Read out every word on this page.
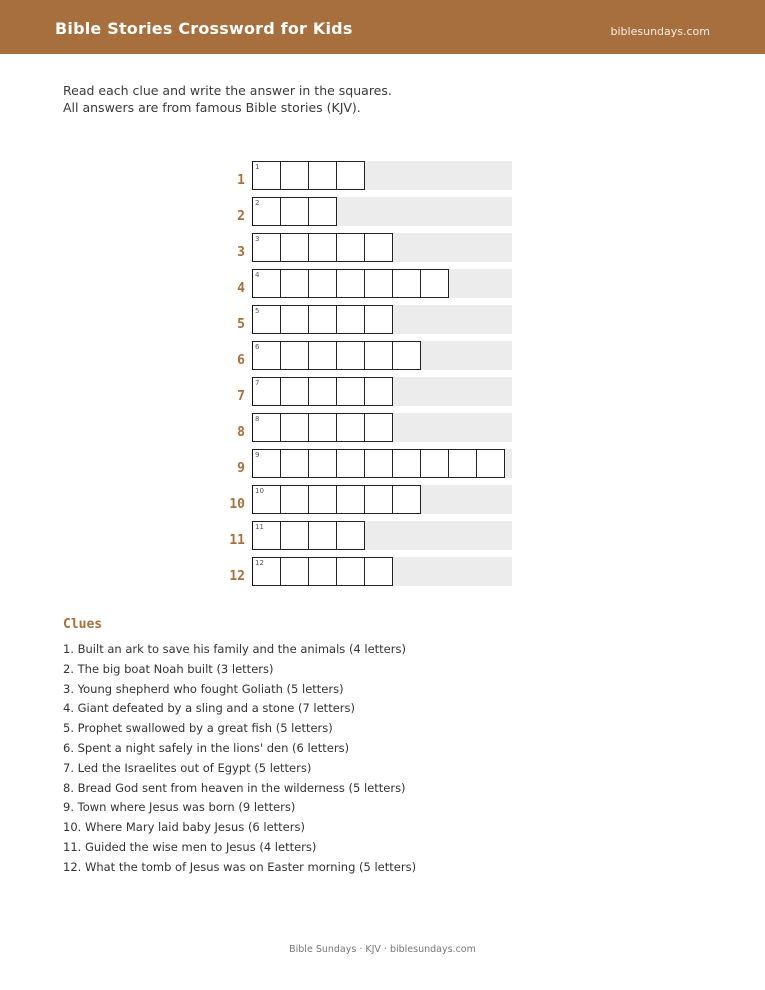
Bible Stories Crossword for Kids	biblesundays.com
Read each clue and write the answer in the squares.
All answers are from famous Bible stories (KJV).
1
1
2
2
3
3
4
4
5
5
6
6
7
7
8
8
9
9
10
10
11
11
12
12
Clues
1. Built an ark to save his family and the animals (4 letters)
2. The big boat Noah built (3 letters)
3. Young shepherd who fought Goliath (5 letters)
4. Giant defeated by a sling and a stone (7 letters)
5. Prophet swallowed by a great fish (5 letters)
6. Spent a night safely in the lions' den (6 letters)
7. Led the Israelites out of Egypt (5 letters)
8. Bread God sent from heaven in the wilderness (5 letters)
9. Town where Jesus was born (9 letters)
10. Where Mary laid baby Jesus (6 letters)
11. Guided the wise men to Jesus (4 letters)
12. What the tomb of Jesus was on Easter morning (5 letters)
Bible Sundays · KJV · biblesundays.com
